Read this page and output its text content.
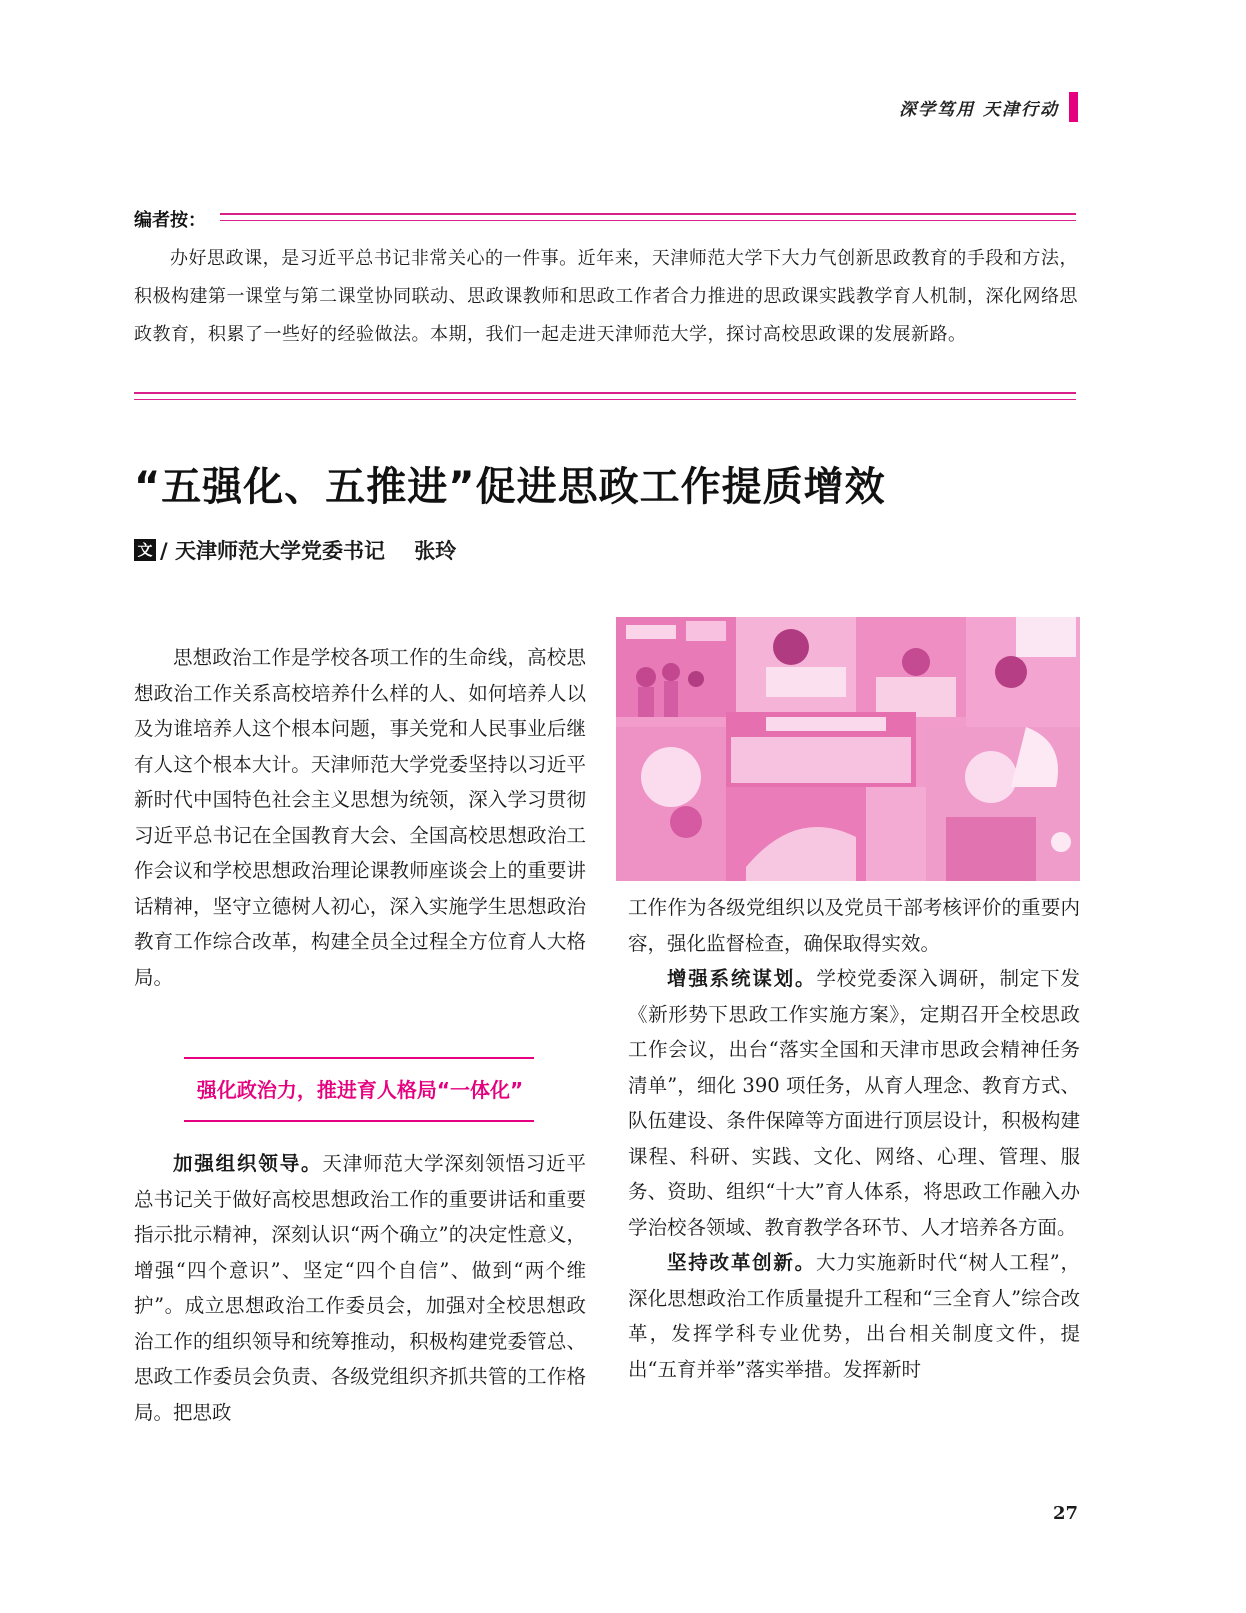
深学笃用 天津行动
编者按：

办好思政课，是习近平总书记非常关心的一件事。近年来，天津师范大学下大力气创新思政教育的手段和方法，积极构建第一课堂与第二课堂协同联动、思政课教师和思政工作者合力推进的思政课实践教学育人机制，深化网络思政教育，积累了一些好的经验做法。本期，我们一起走进天津师范大学，探讨高校思政课的发展新路。

“五强化、五推进”促进思政工作提质增效
文 / 天津师范大学党委书记    张玲

思想政治工作是学校各项工作的生命线，高校思想政治工作关系高校培养什么样的人、如何培养人以及为谁培养人这个根本问题，事关党和人民事业后继有人这个根本大计。天津师范大学党委坚持以习近平新时代中国特色社会主义思想为统领，深入学习贯彻习近平总书记在全国教育大会、全国高校思想政治工作会议和学校思想政治理论课教师座谈会上的重要讲话精神，坚守立德树人初心，深入实施学生思想政治教育工作综合改革，构建全员全过程全方位育人大格局。

强化政治力，推进育人格局“一体化”

加强组织领导。天津师范大学深刻领悟习近平总书记关于做好高校思想政治工作的重要讲话和重要指示批示精神，深刻认识“两个确立”的决定性意义，增强“四个意识”、坚定“四个自信”、做到“两个维护”。成立思想政治工作委员会，加强对全校思想政治工作的组织领导和统筹推动，积极构建党委管总、思政工作委员会负责、各级党组织齐抓共管的工作格局。把思政

工作作为各级党组织以及党员干部考核评价的重要内容，强化监督检查，确保取得实效。

增强系统谋划。学校党委深入调研，制定下发《新形势下思政工作实施方案》，定期召开全校思政工作会议，出台“落实全国和天津市思政会精神任务清单”，细化 390 项任务，从育人理念、教育方式、队伍建设、条件保障等方面进行顶层设计，积极构建课程、科研、实践、文化、网络、心理、管理、服务、资助、组织“十大”育人体系，将思政工作融入办学治校各领域、教育教学各环节、人才培养各方面。

坚持改革创新。大力实施新时代“树人工程”，深化思想政治工作质量提升工程和“三全育人”综合改革，发挥学科专业优势，出台相关制度文件，提出“五育并举”落实举措。发挥新时

27
